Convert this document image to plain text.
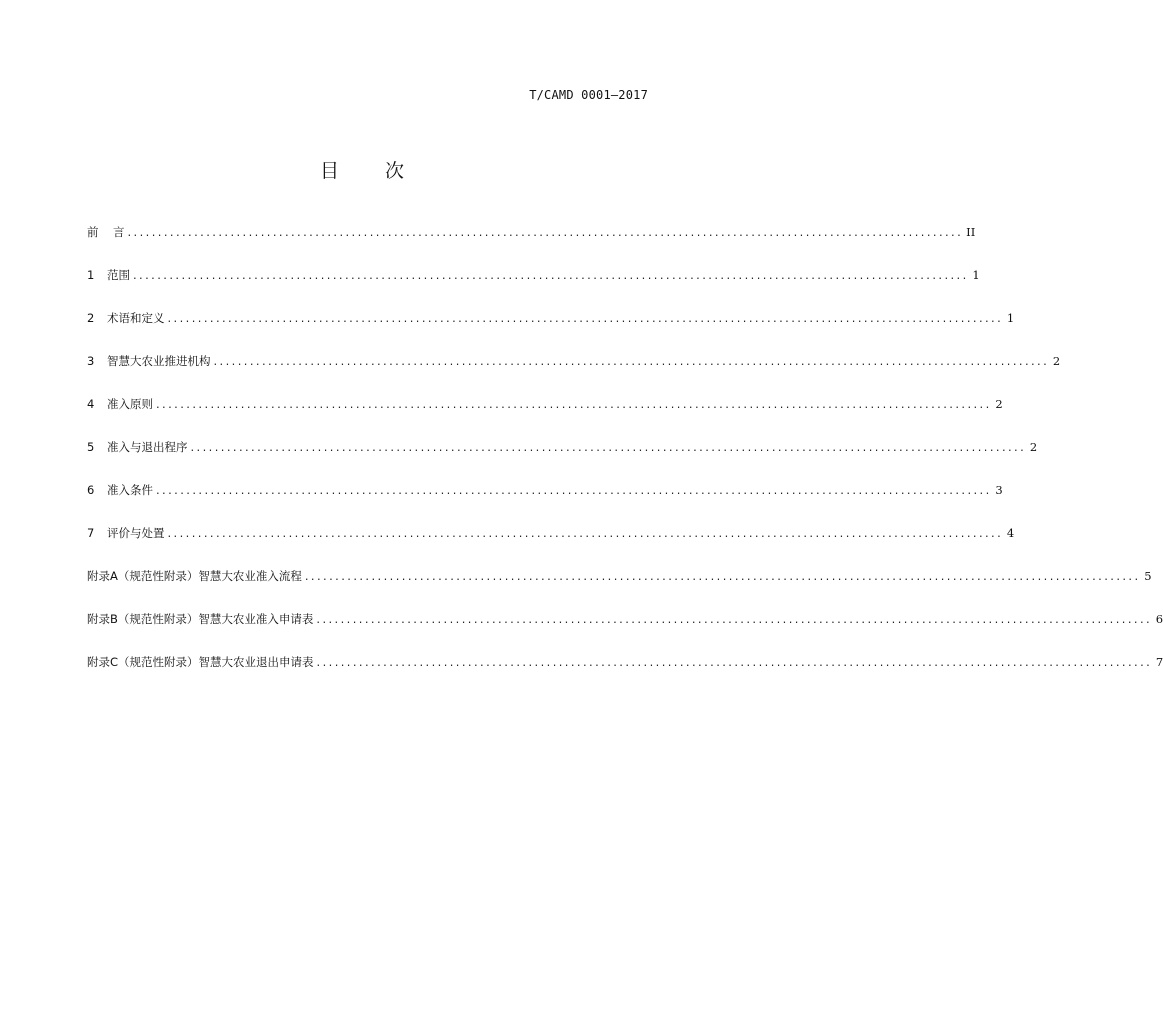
T/CAMD 0001—2017
目 次
前	言 .......................................................................................................................................... II
1	范围 .......................................................................................................................................... 1
2	术语和定义 .......................................................................................................................................... 1
3	智慧大农业推进机构 .......................................................................................................................................... 2
4	准入原则 .......................................................................................................................................... 2
5	准入与退出程序 .......................................................................................................................................... 2
6	准入条件 .......................................................................................................................................... 3
7	评价与处置 .......................................................................................................................................... 4
附录A（规范性附录） 智慧大农业准入流程 .......................................................................................................................................... 5
附录B（规范性附录） 智慧大农业准入申请表 .......................................................................................................................................... 6
附录C（规范性附录） 智慧大农业退出申请表 .......................................................................................................................................... 7
